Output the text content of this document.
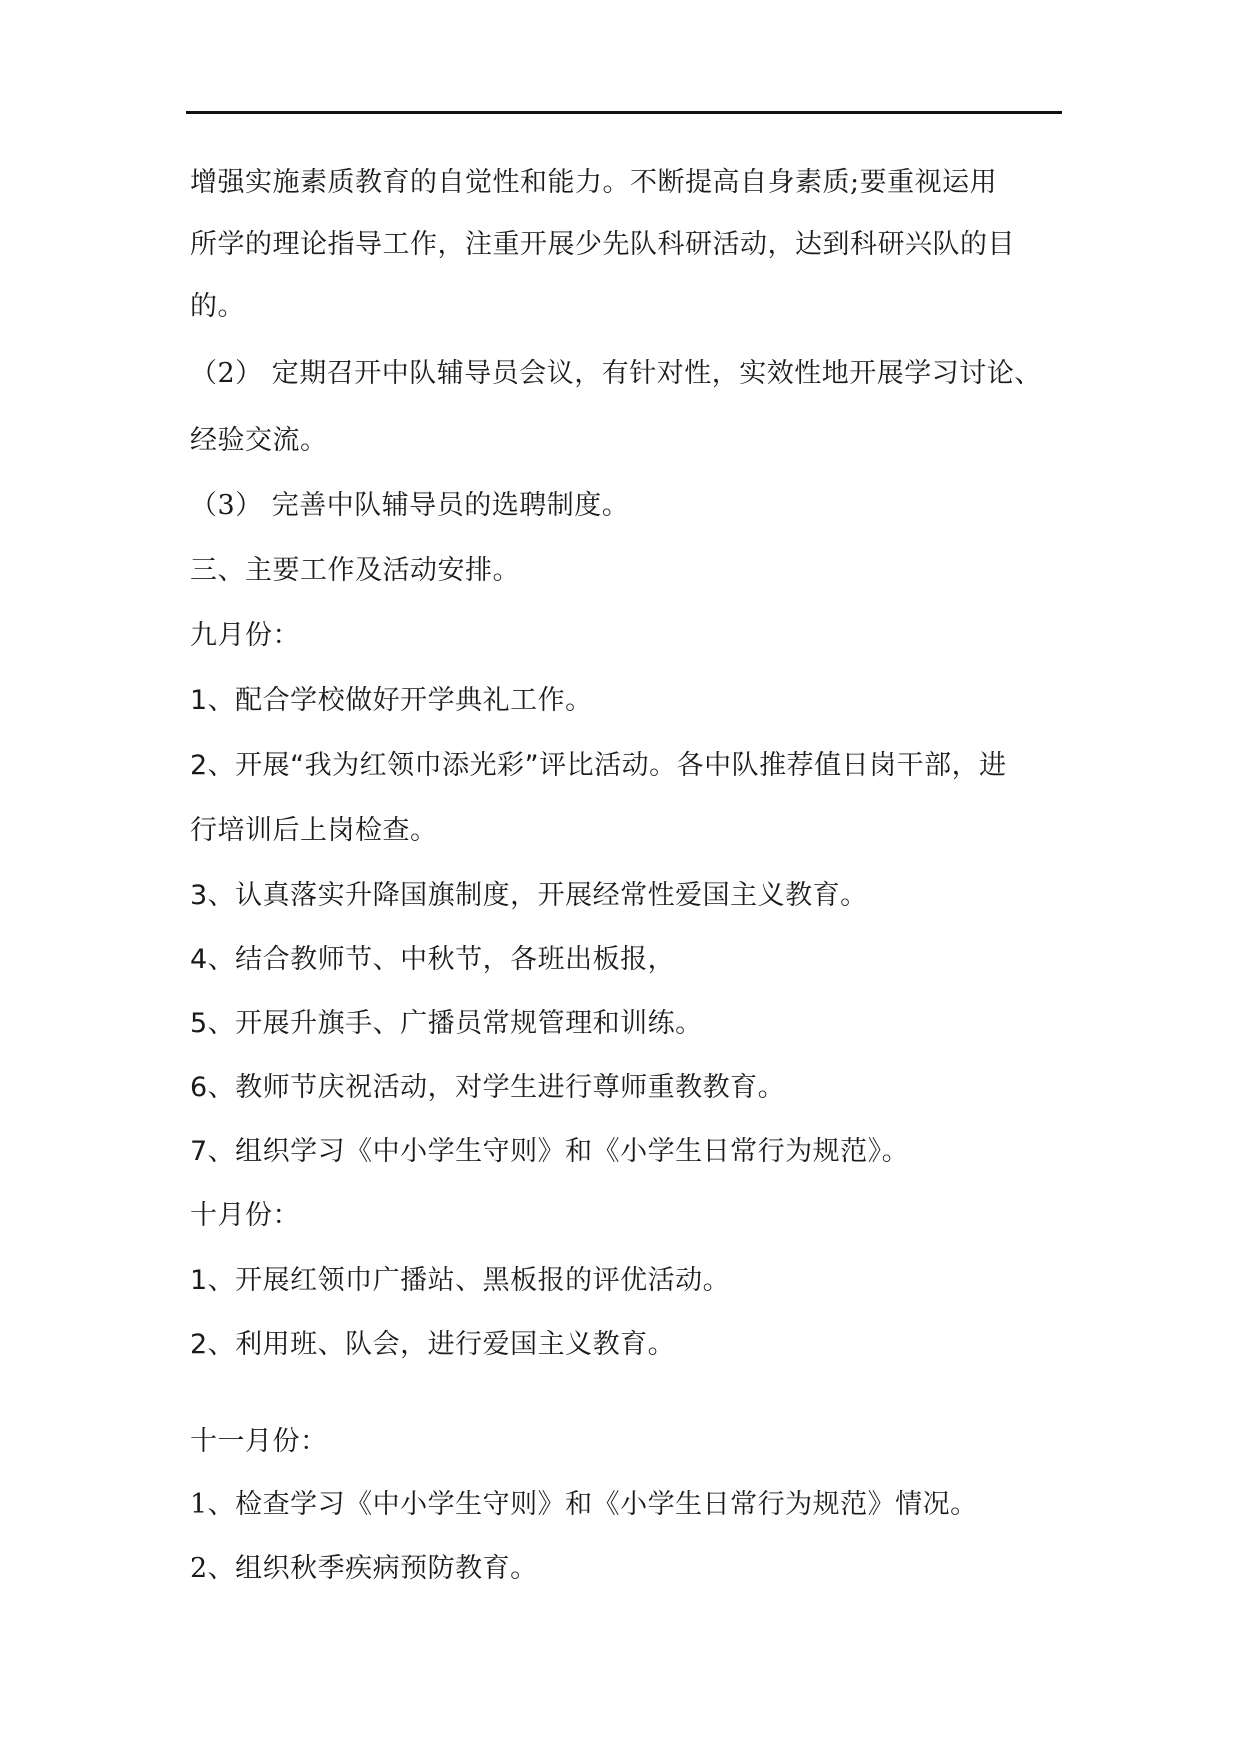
增强实施素质教育的自觉性和能力。不断提高自身素质;要重视运用
所学的理论指导工作，注重开展少先队科研活动，达到科研兴队的目
的。
（2） 定期召开中队辅导员会议，有针对性，实效性地开展学习讨论、
经验交流。
（3） 完善中队辅导员的选聘制度。
三、主要工作及活动安排。
九月份：
1、配合学校做好开学典礼工作。
2、开展“我为红领巾添光彩”评比活动。各中队推荐值日岗干部，进
行培训后上岗检查。
3、认真落实升降国旗制度，开展经常性爱国主义教育。
4、结合教师节、中秋节，各班出板报，
5、开展升旗手、广播员常规管理和训练。
6、教师节庆祝活动，对学生进行尊师重教教育。
7、组织学习《中小学生守则》和《小学生日常行为规范》。
十月份：
1、开展红领巾广播站、黑板报的评优活动。
2、利用班、队会，进行爱国主义教育。
十一月份：
1、检查学习《中小学生守则》和《小学生日常行为规范》情况。
2、组织秋季疾病预防教育。
